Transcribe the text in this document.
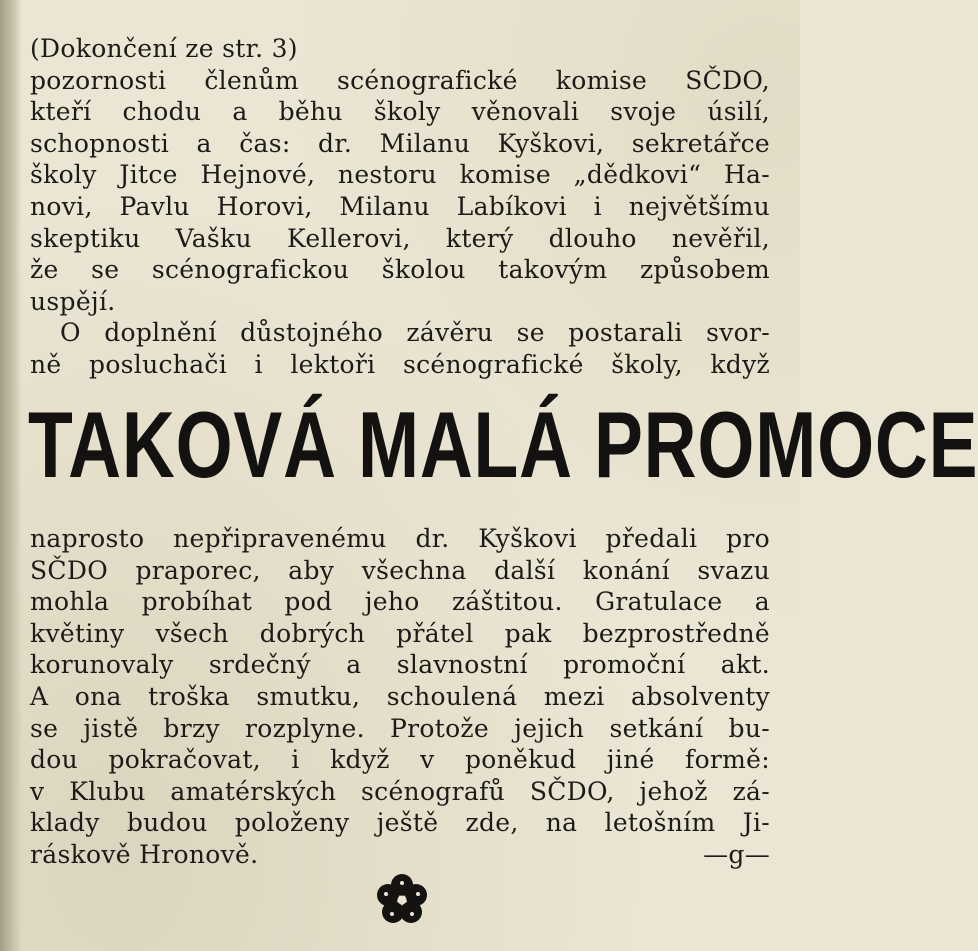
(Dokončení ze str. 3)
pozornosti členům scénografické komise SČDO,
kteří chodu a běhu školy věnovali svoje úsilí,
schopnosti a čas: dr. Milanu Kyškovi, sekretářce
školy Jitce Hejnové, nestoru komise „dědkovi“ Ha-
novi, Pavlu Horovi, Milanu Labíkovi i největšímu
skeptiku Vašku Kellerovi, který dlouho nevěřil,
že se scénografickou školou takovým způsobem
uspějí.
O doplnění důstojného závěru se postarali svor-
ně posluchači i lektoři scénografické školy, když
TAKOVÁ MALÁ PROMOCE
naprosto nepřipravenému dr. Kyškovi předali pro
SČDO praporec, aby všechna další konání svazu
mohla probíhat pod jeho záštitou. Gratulace a
květiny všech dobrých přátel pak bezprostředně
korunovaly srdečný a slavnostní promoční akt.
A ona troška smutku, schoulená mezi absolventy
se jistě brzy rozplyne. Protože jejich setkání bu-
dou pokračovat, i když v poněkud jiné formě:
v Klubu amatérských scénografů SČDO, jehož zá-
klady budou položeny ještě zde, na letošním Ji-
ráskově Hronově.	—g—
